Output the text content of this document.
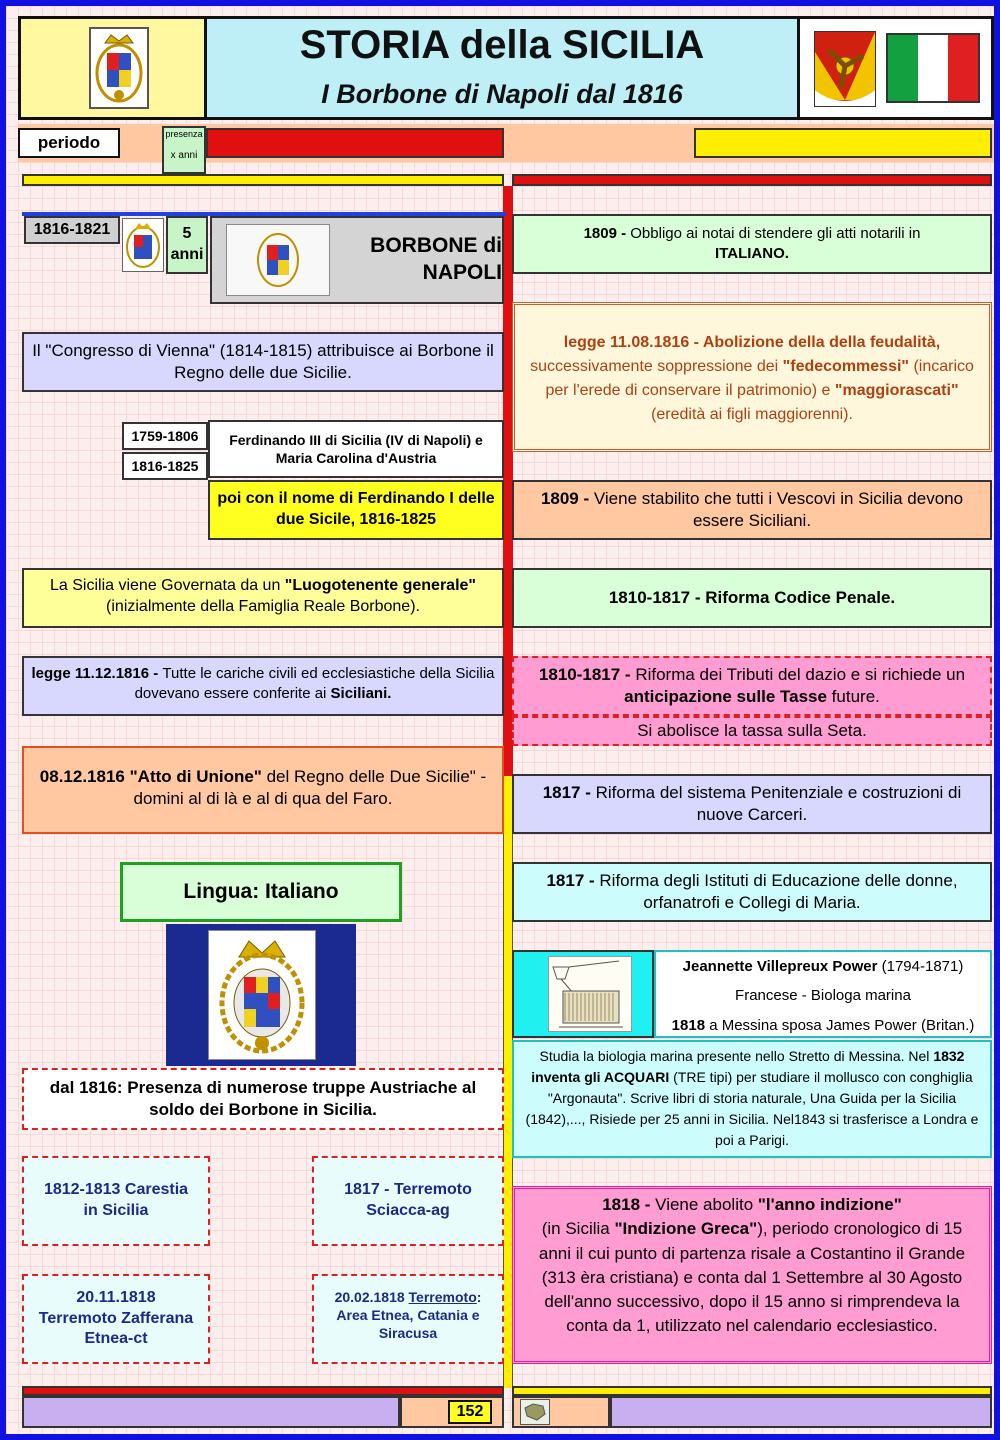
STORIA della SICILIA
I Borbone di Napoli dal 1816
periodo	presenza
x anni
1816-1821	5
anni	BORBONE di NAPOLI
Il "Congresso di Vienna" (1814-1815) attribuisce ai Borbone il Regno delle due Sicilie.
1759-1806
1816-1825
Ferdinando III di Sicilia (IV di Napoli) e Maria Carolina d'Austria
poi con il nome di Ferdinando I delle due Sicile, 1816-1825
La Sicilia viene Governata da un "Luogotenente generale"
(inizialmente della Famiglia Reale Borbone).
legge 11.12.1816 - Tutte le cariche civili ed ecclesiastiche della Sicilia dovevano essere conferite ai Siciliani.
08.12.1816 "Atto di Unione" del Regno delle Due Sicilie" - domini al di là e al di qua del Faro.
Lingua: Italiano
dal 1816: Presenza di numerose truppe Austriache al soldo dei Borbone in Sicilia.
1812-1813 Carestia in Sicilia
1817 - Terremoto Sciacca-ag
20.11.1818
Terremoto Zafferana Etnea-ct
20.02.1818 Terremoto:
Area Etnea, Catania e Siracusa
1809 - Obbligo ai notai di stendere gli atti notarili in
ITALIANO.
legge 11.08.1816 - Abolizione della della feudalità, successivamente soppressione dei "fedecommessi" (incarico per l'erede di conservare il patrimonio) e "maggiorascati" (eredità ai figli maggiorenni).
1809 - Viene stabilito che tutti i Vescovi in Sicilia devono essere Siciliani.
1810-1817 - Riforma Codice Penale.
1810-1817 - Riforma dei Tributi del dazio e si richiede un anticipazione sulle Tasse future.
Si abolisce la tassa sulla Seta.
1817 - Riforma del sistema Penitenziale e costruzioni di nuove Carceri.
1817 - Riforma degli Istituti di Educazione delle donne, orfanatrofi e Collegi di Maria.
Jeannette Villepreux Power (1794-1871)
Francese - Biologa marina
1818 a Messina sposa James Power (Britan.)
Studia la biologia marina presente nello Stretto di Messina. Nel 1832 inventa gli ACQUARI (TRE tipi) per studiare il mollusco con conghiglia "Argonauta". Scrive libri di storia naturale, Una Guida per la Sicilia (1842),..., Risiede per 25 anni in Sicilia. Nel1843 si trasferisce a Londra e poi a Parigi.
1818 - Viene abolito "l'anno indizione"
(in Sicilia "Indizione Greca"), periodo cronologico di 15 anni il cui punto di partenza risale a Costantino il Grande (313 èra cristiana) e conta dal 1 Settembre al 30 Agosto dell'anno successivo, dopo il 15 anno si rimprendeva la conta da 1, utilizzato nel calendario ecclesiastico.
152
